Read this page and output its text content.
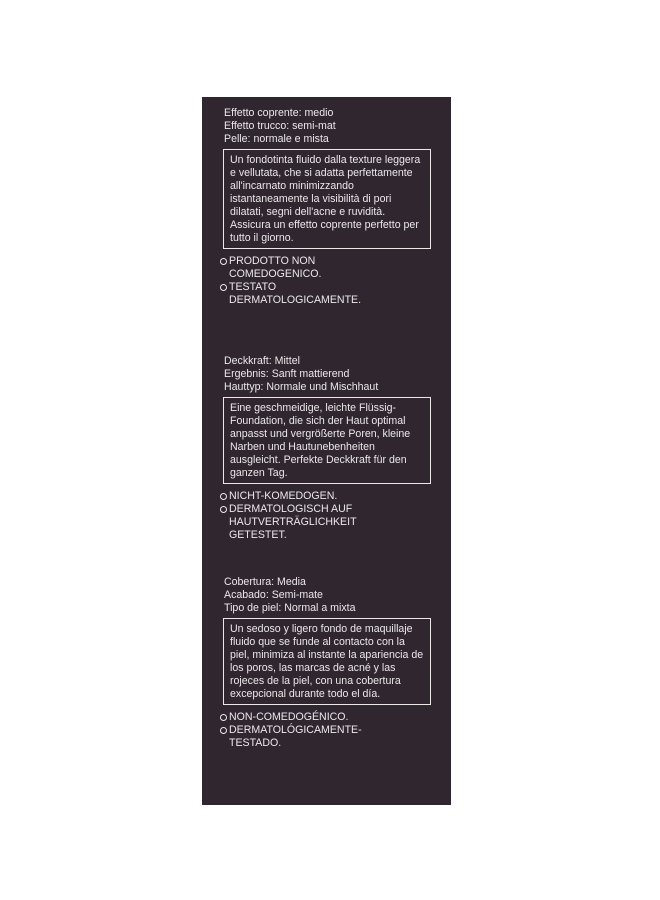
Effetto coprente: medio
Effetto trucco: semi-mat
Pelle: normale e mista
Un fondotinta fluido dalla texture leggera e vellutata, che si adatta perfettamente all'incarnato minimizzando istantaneamente la visibilità di pori dilatati, segni dell'acne e ruvidità. Assicura un effetto coprente perfetto per tutto il giorno.
PRODOTTO NON
COMEDOGENICO.
TESTATO
DERMATOLOGICAMENTE.
Deckkraft: Mittel
Ergebnis: Sanft mattierend
Hauttyp: Normale und Mischhaut
Eine geschmeidige, leichte Flüssig-Foundation, die sich der Haut optimal anpasst und vergrößerte Poren, kleine Narben und Hautunebenheiten ausgleicht. Perfekte Deckkraft für den ganzen Tag.
NICHT-KOMEDOGEN.
DERMATOLOGISCH AUF
HAUTVERTRÄGLICHKEIT
GETESTET.
Cobertura: Media
Acabado: Semi-mate
Tipo de piel: Normal a mixta
Un sedoso y ligero fondo de maquillaje fluido que se funde al contacto con la piel, minimiza al instante la apariencia de los poros, las marcas de acné y las rojeces de la piel, con una cobertura excepcional durante todo el día.
NON-COMEDOGÉNICO.
DERMATOLÓGICAMENTE-
TESTADO.
